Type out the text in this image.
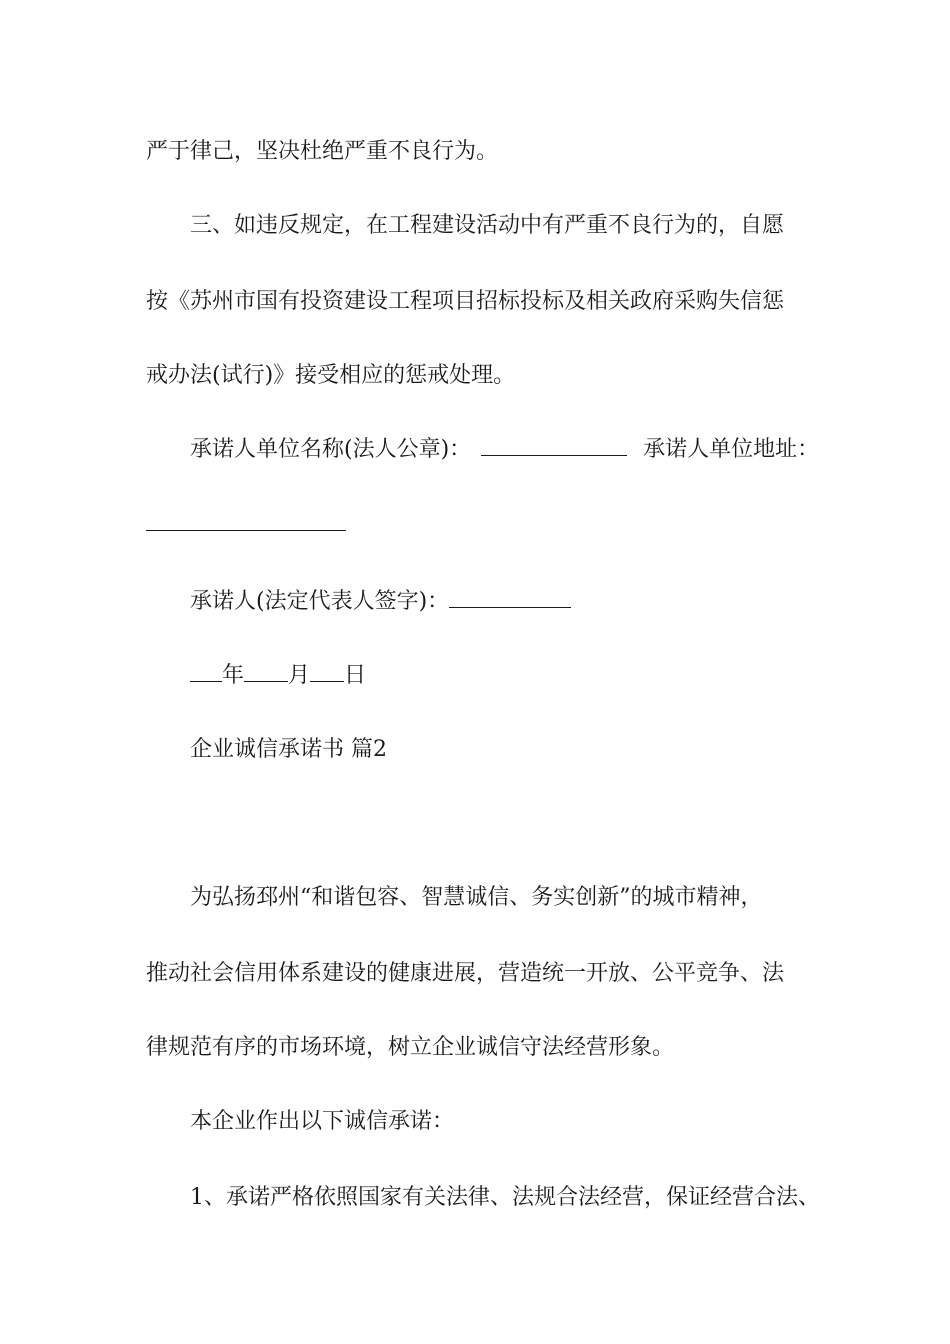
严于律己，坚决杜绝严重不良行为。

三、如违反规定，在工程建设活动中有严重不良行为的，自愿

按《苏州市国有投资建设工程项目招标投标及相关政府采购失信惩

戒办法(试行)》接受相应的惩戒处理。

承诺人单位名称(法人公章)：	承诺人单位地址：
承诺人(法定代表人签字)：
年 月 日

企业诚信承诺书 篇2

为弘扬邳州“和谐包容、智慧诚信、务实创新”的城市精神，

推动社会信用体系建设的健康进展，营造统一开放、公平竞争、法

律规范有序的市场环境，树立企业诚信守法经营形象。

本企业作出以下诚信承诺：

1、承诺严格依照国家有关法律、法规合法经营，保证经营合法、
